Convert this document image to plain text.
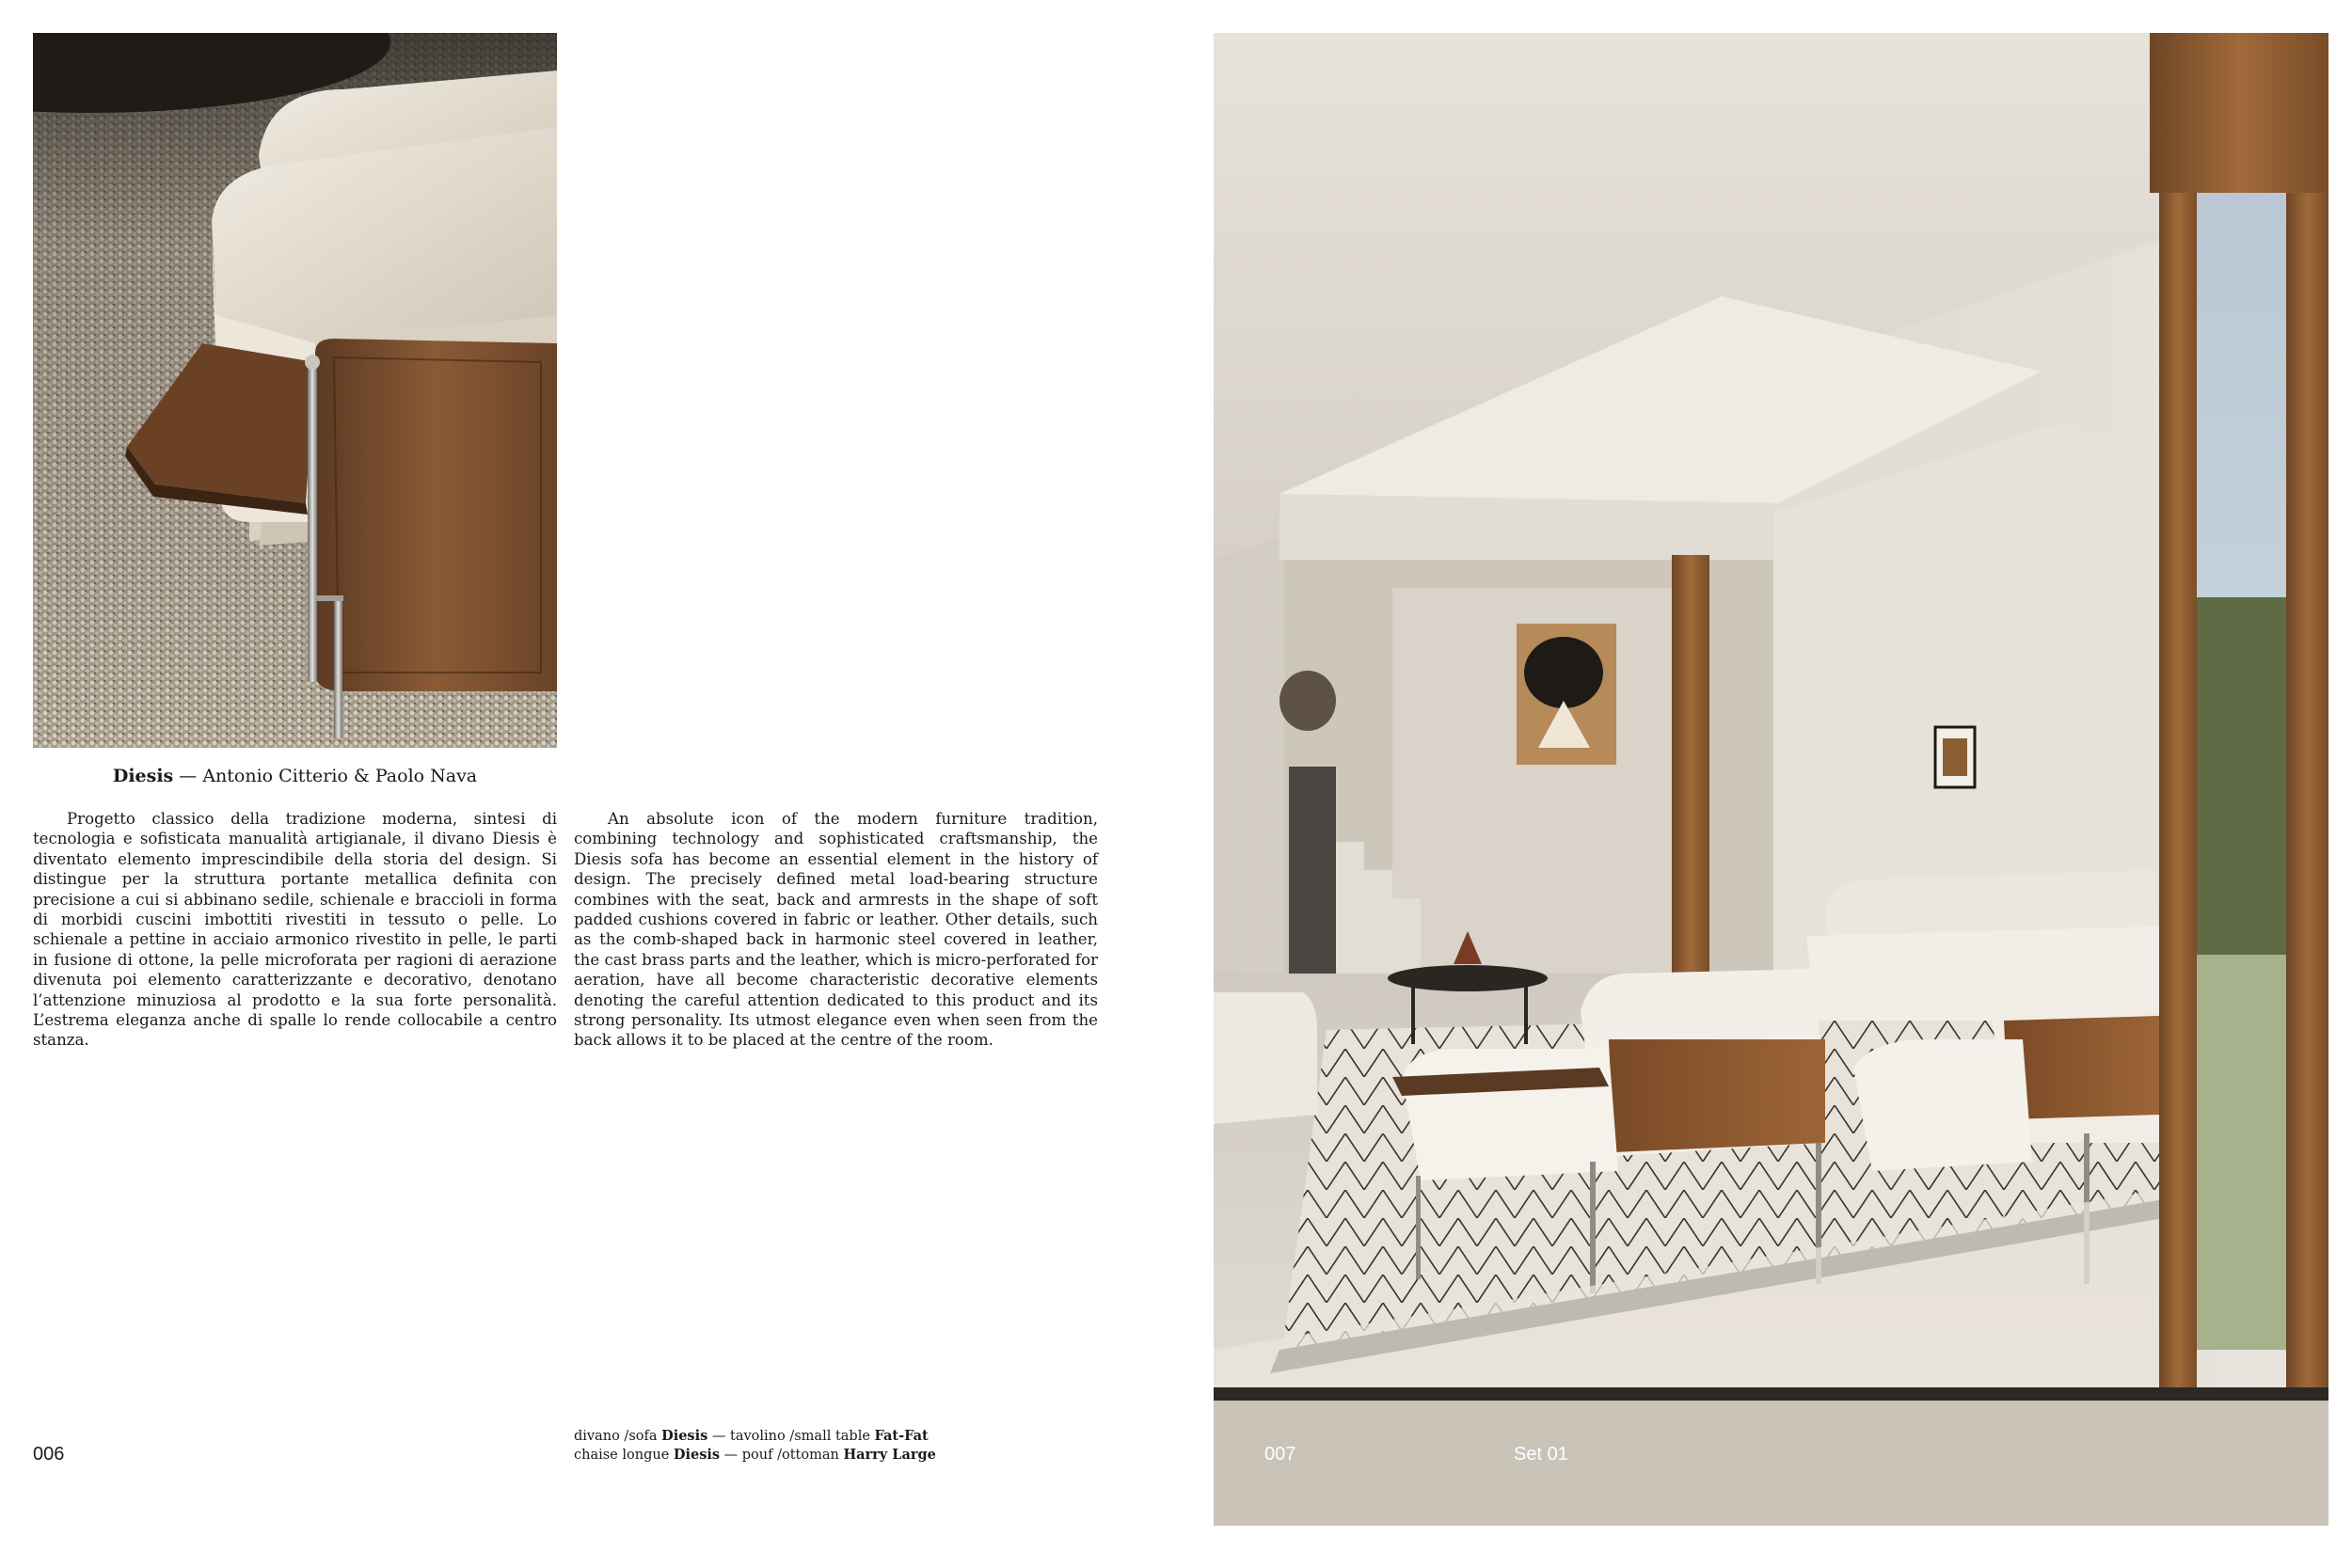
Diesis — Antonio Citterio & Paolo Nava

Progetto classico della tradizione moderna, sintesi di tecnologia e sofisticata manualità artigianale, il divano Diesis è diventato elemento imprescindibile della storia del design. Si distingue per la struttura portante metallica definita con precisione a cui si abbinano sedile, schienale e braccioli in forma di morbidi cuscini imbottiti rivestiti in tessuto o pelle. Lo schienale a pettine in acciaio armonico rivestito in pelle, le parti in fusione di ottone, la pelle microforata per ragioni di aerazione divenuta poi elemento caratterizzante e decorativo, denotano l’attenzione minuziosa al prodotto e la sua forte personalità. L’estrema eleganza anche di spalle lo rende collocabile a centro stanza.

An absolute icon of the modern furniture tradition, combining technology and sophisticated craftsmanship, the Diesis sofa has become an essential element in the history of design. The precisely defined metal load-bearing structure combines with the seat, back and armrests in the shape of soft padded cushions covered in fabric or leather. Other details, such as the comb-shaped back in harmonic steel covered in leather, the cast brass parts and the leather, which is micro-perforated for aeration, have all become characteristic decorative elements denoting the careful attention dedicated to this product and its strong personality. Its utmost elegance even when seen from the back allows it to be placed at the centre of the room.

006
divano /sofa Diesis — tavolino /small table Fat-Fat
chaise longue Diesis — pouf /ottoman Harry Large	007	Set 01
